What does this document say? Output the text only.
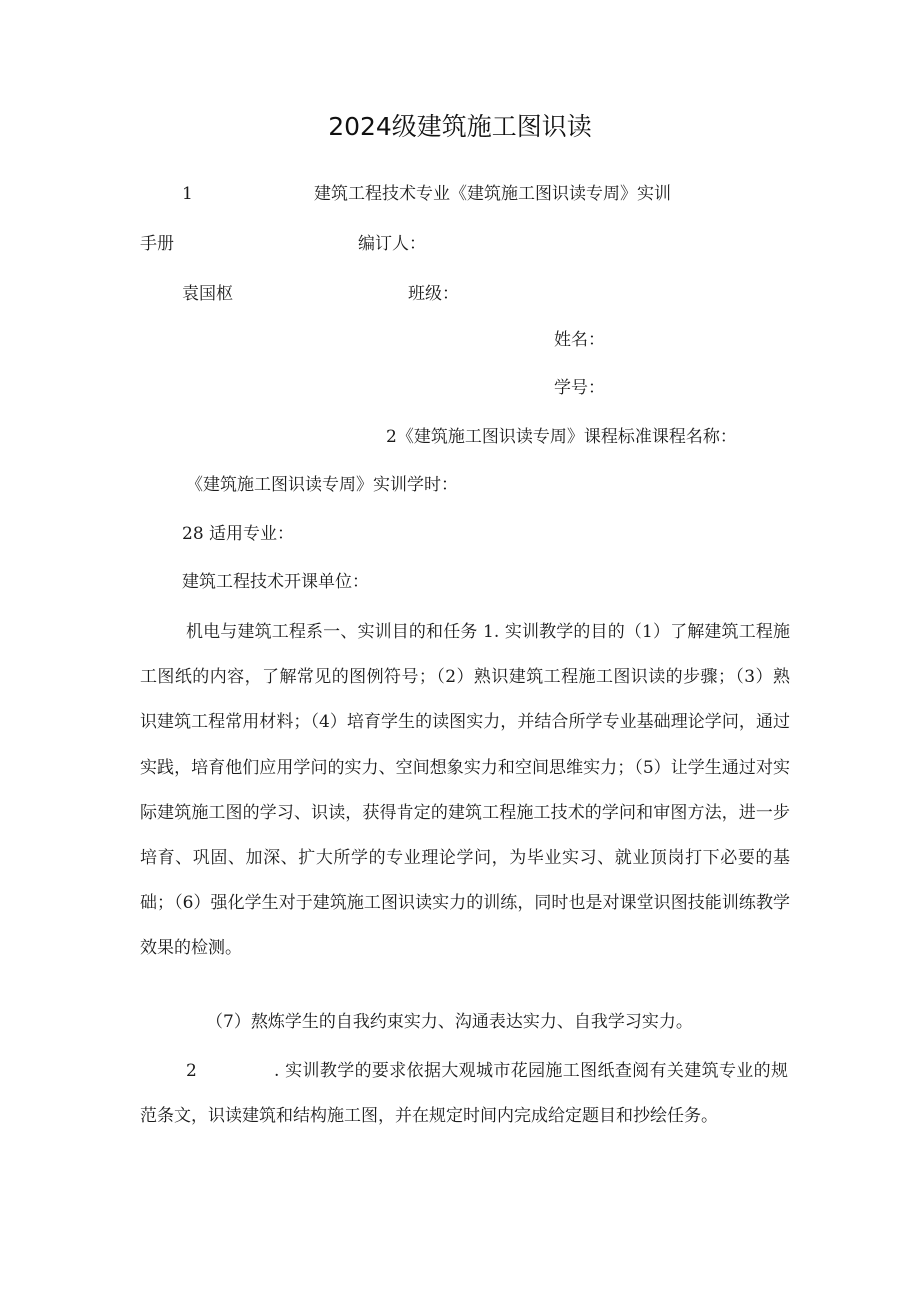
2024级建筑施工图识读
1	建筑工程技术专业《建筑施工图识读专周》实训
手册	编订人：
袁国枢	班级：
姓名：
学号：
2《建筑施工图识读专周》课程标准课程名称：
《建筑施工图识读专周》实训学时：
28 适用专业：
建筑工程技术开课单位：
机电与建筑工程系一、实训目的和任务 1. 实训教学的目的（1）了解建筑工程施工图纸的内容，了解常见的图例符号；（2）熟识建筑工程施工图识读的步骤；（3）熟识建筑工程常用材料；（4）培育学生的读图实力，并结合所学专业基础理论学问，通过实践，培育他们应用学问的实力、空间想象实力和空间思维实力；（5）让学生通过对实际建筑施工图的学习、识读，获得肯定的建筑工程施工技术的学问和审图方法，进一步培育、巩固、加深、扩大所学的专业理论学问，为毕业实习、就业顶岗打下必要的基础；（6）强化学生对于建筑施工图识读实力的训练，同时也是对课堂识图技能训练教学效果的检测。
（7）熬炼学生的自我约束实力、沟通表达实力、自我学习实力。
2	. 实训教学的要求依据大观城市花园施工图纸查阅有关建筑专业的规范条文，识读建筑和结构施工图，并在规定时间内完成给定题目和抄绘任务。
